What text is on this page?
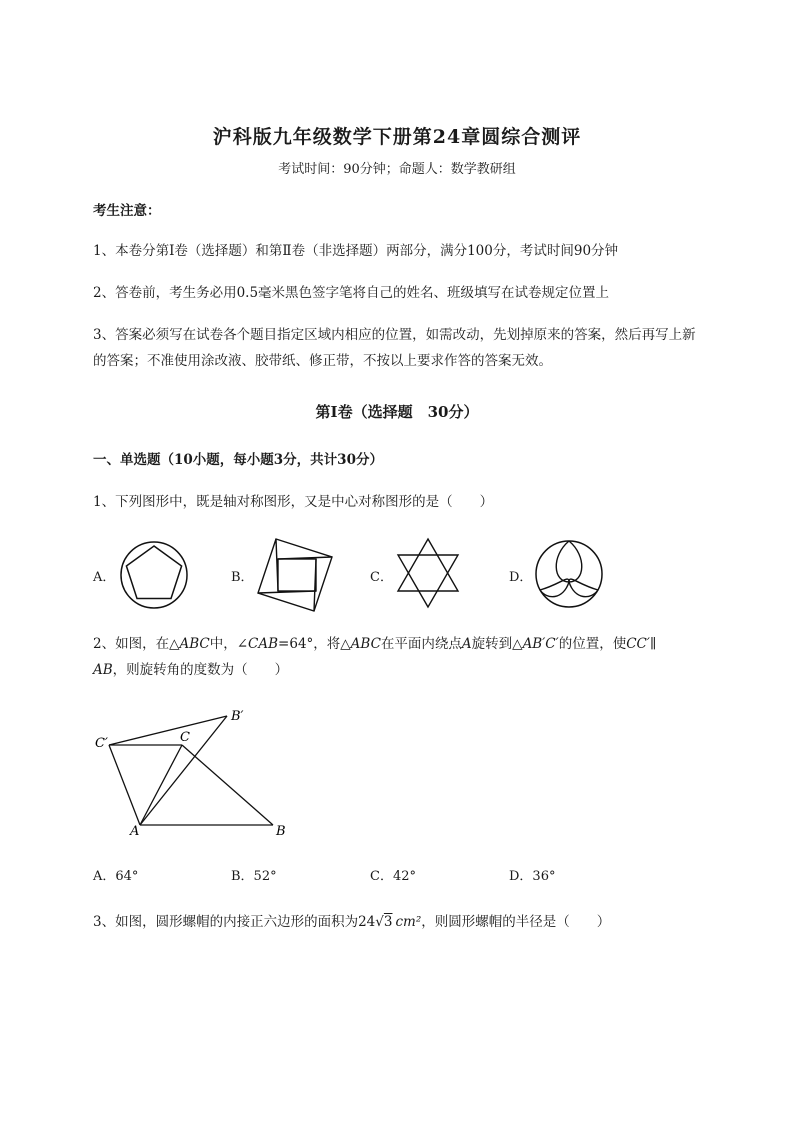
沪科版九年级数学下册第24章圆综合测评
考试时间：90分钟；命题人：数学教研组
考生注意：
1、本卷分第I卷（选择题）和第Ⅱ卷（非选择题）两部分，满分100分，考试时间90分钟
2、答卷前，考生务必用0.5毫米黑色签字笔将自己的姓名、班级填写在试卷规定位置上
3、答案必须写在试卷各个题目指定区域内相应的位置，如需改动，先划掉原来的答案，然后再写上新
的答案；不准使用涂改液、胶带纸、修正带，不按以上要求作答的答案无效。
第I卷（选择题　30分）
一、单选题（10小题，每小题3分，共计30分）
1、下列图形中，既是轴对称图形，又是中心对称图形的是（　　）
A．	B．	C．	D．
2、如图，在△ABC中，∠CAB=64°，将△ABC在平面内绕点A旋转到△AB′C′的位置，使CC′∥
AB，则旋转角的度数为（　　）
B′
C′	C
A	B
A．64°	B．52°	C．42°	D．36°
3、如图，圆形螺帽的内接正六边形的面积为24√3 cm²，则圆形螺帽的半径是（　　）
